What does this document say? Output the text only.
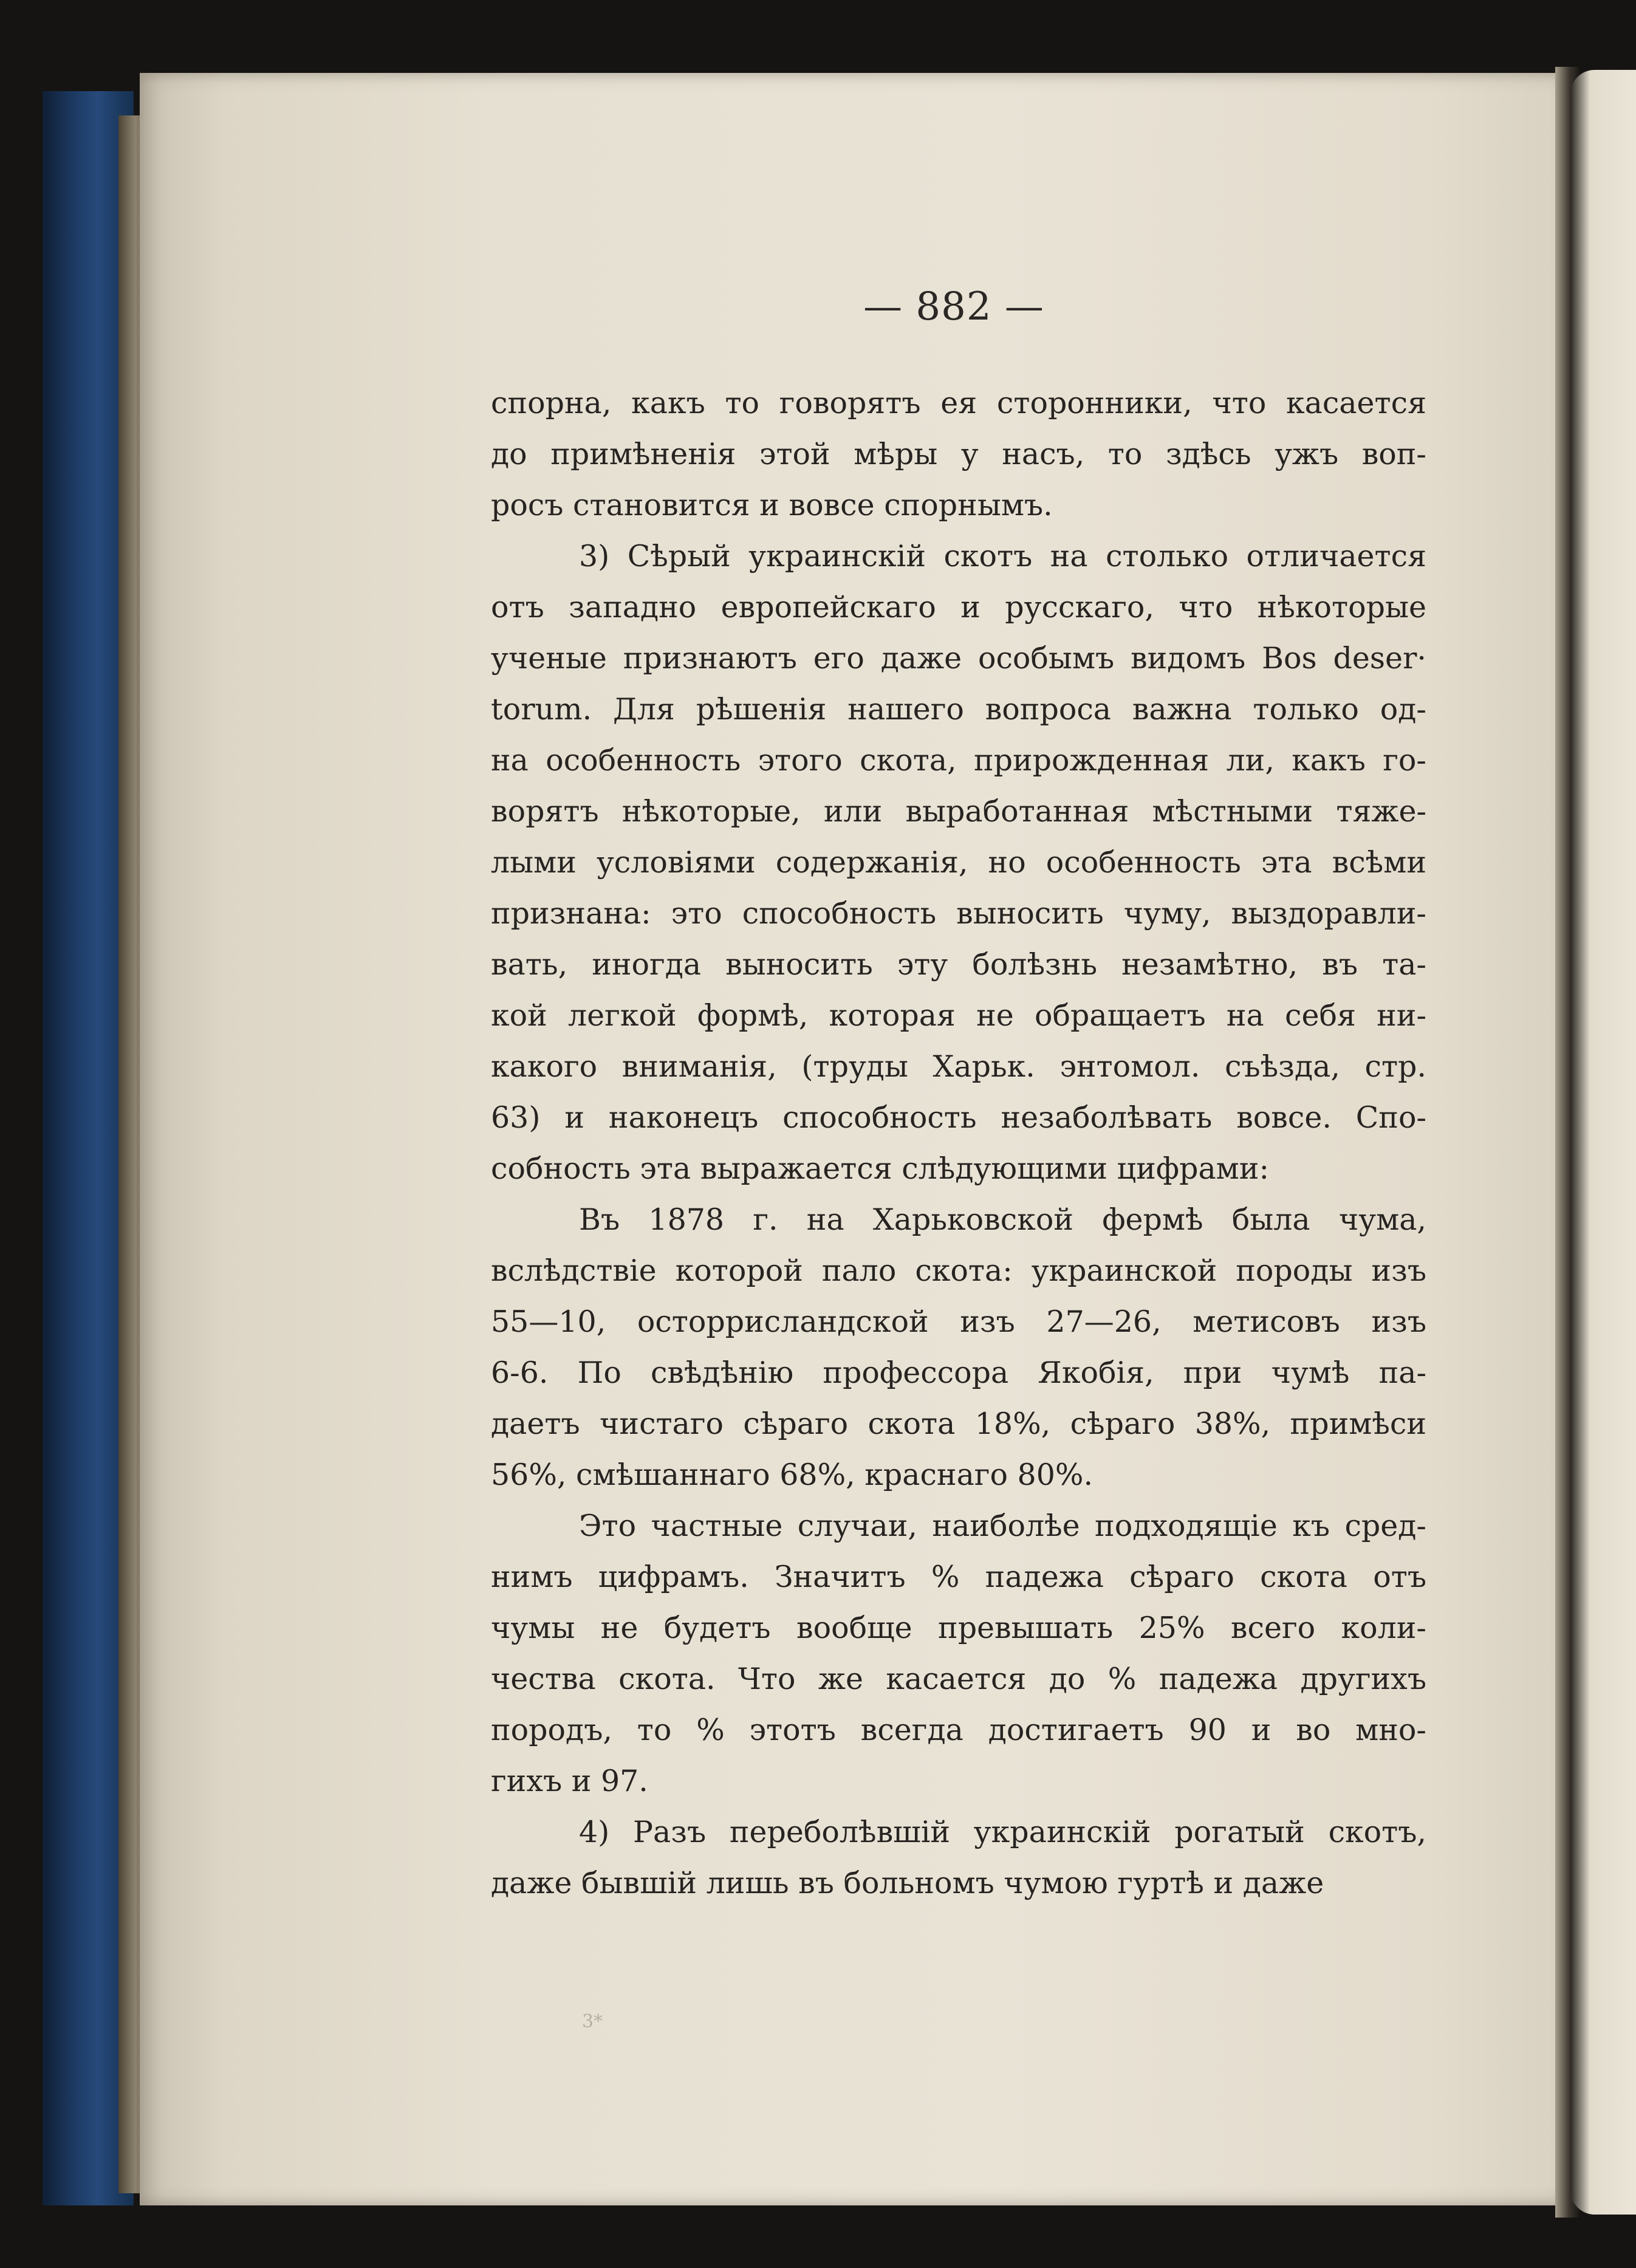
— 882 —
спорна, какъ то говорятъ ея сторонники, что касается
до примѣненія этой мѣры у насъ, то здѣсь ужъ воп-
росъ становится и вовсе спорнымъ.
3) Сѣрый украинскій скотъ на столько отличается
отъ западно европейскаго и русскаго, что нѣкоторые
ученые признаютъ его даже особымъ видомъ Bos deser·
torum. Для рѣшенія нашего вопроса важна только од-
на особенность этого скота, прирожденная ли, какъ го-
ворятъ нѣкоторые, или выработанная мѣстными тяже-
лыми условіями содержанія, но особенность эта всѣми
признана: это способность выносить чуму, выздоравли-
вать, иногда выносить эту болѣзнь незамѣтно, въ та-
кой легкой формѣ, которая не обращаетъ на себя ни-
какого вниманія, (труды Харьк. энтомол. съѣзда, стр.
63) и наконецъ способность незаболѣвать вовсе. Спо-
собность эта выражается слѣдующими цифрами:
Въ 1878 г. на Харьковской фермѣ была чума,
вслѣдствіе которой пало скота: украинской породы изъ
55—10, осторрисландской изъ 27—26, метисовъ изъ
6-6. По свѣдѣнію профессора Якобія, при чумѣ па-
даетъ чистаго сѣраго скота 18%, сѣраго 38%, примѣси
56%, смѣшаннаго 68%, краснаго 80%.
Это частные случаи, наиболѣе подходящіе къ сред-
нимъ цифрамъ. Значитъ % падежа сѣраго скота отъ
чумы не будетъ вообще превышать 25% всего коли-
чества скота. Что же касается до % падежа другихъ
породъ, то % этотъ всегда достигаетъ 90 и во мно-
гихъ и 97.
4) Разъ переболѣвшій украинскій рогатый скотъ,
даже бывшій лишь въ больномъ чумою гуртѣ и даже
3*
